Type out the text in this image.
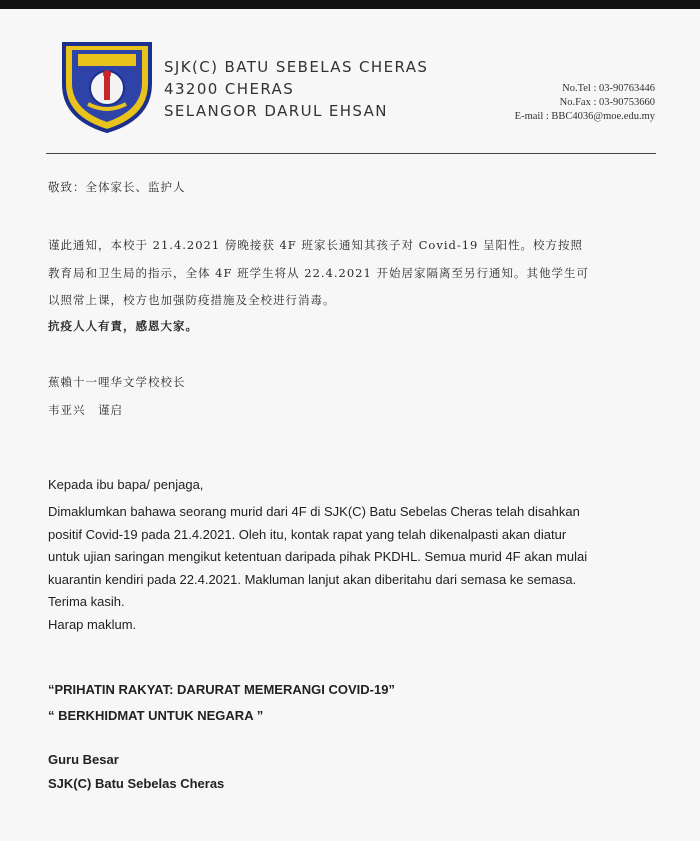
SJK(C) BATU SEBELAS CHERAS
43200 CHERAS
SELANGOR DARUL EHSAN
No.Tel : 03-90763446
No.Fax : 03-90753660
E-mail : BBC4036@moe.edu.my
敬致：全体家长、监护人
谨此通知，本校于 21.4.2021 傍晚接获 4F 班家长通知其孩子对 Covid-19 呈阳性。校方按照
教育局和卫生局的指示，全体 4F 班学生将从 22.4.2021 开始居家隔离至另行通知。其他学生可
以照常上课，校方也加强防疫措施及全校进行消毒。
抗疫人人有責，感恩大家。
蕉賴十一哩华文学校校长
韦亚兴　谨启
Kepada ibu bapa/ penjaga,
Dimaklumkan bahawa seorang murid dari 4F di SJK(C) Batu Sebelas Cheras telah disahkan
positif Covid-19 pada 21.4.2021. Oleh itu, kontak rapat yang telah dikenalpasti akan diatur
untuk ujian saringan mengikut ketentuan daripada pihak PKDHL. Semua murid 4F akan mulai
kuarantin kendiri pada 22.4.2021. Makluman lanjut akan diberitahu dari semasa ke semasa.
Terima kasih.
Harap maklum.
“PRIHATIN RAKYAT: DARURAT MEMERANGI COVID-19”
“ BERKHIDMAT UNTUK NEGARA ”
Guru Besar
SJK(C) Batu Sebelas Cheras
